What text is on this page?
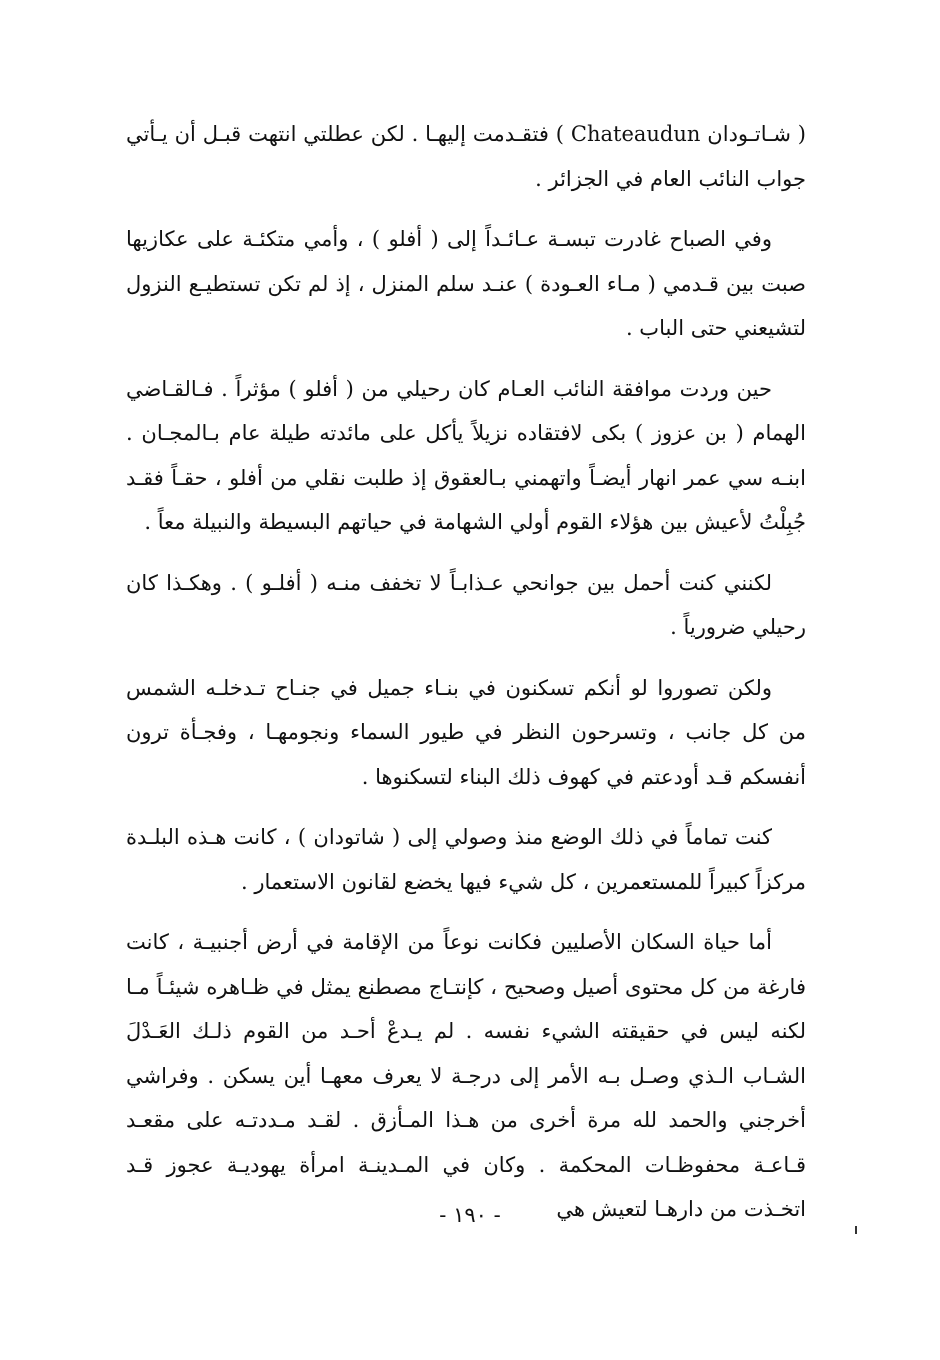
( شـاتـودان Chateaudun ) فتقـدمت إليهـا . لكن عطلتي انتهت قبـل أن يـأتي جواب النائب العام في الجزائر .

وفي الصباح غادرت تبسـة عـائـداً إلى ( أفلو ) ، وأمي متكئـة على عكازيها صبت بين قـدمي ( مـاء العـودة ) عنـد سلم المنزل ، إذ لم تكن تستطيـع النزول لتشيعني حتى الباب .

حين وردت موافقة النائب العـام كان رحيلي من ( أفلو ) مؤثراً . فـالقـاضي الهمام ( بن عزوز ) بكى لافتقاده نزيلاً يأكل على مائدته طيلة عام بـالمجـان . ابنـه سي عمر انهار أيضـاً واتهمني بـالعقوق إذ طلبت نقلي من أفلو ، حقـاً فقـد جُبِلْتُ لأعيش بين هؤلاء القوم أولي الشهامة في حياتهم البسيطة والنبيلة معاً .

لكنني كنت أحمل بين جوانحي عـذابـاً لا تخفف منـه ( أفلـو ) . وهكـذا كان رحيلي ضرورياً .

ولكن تصوروا لو أنكم تسكنون في بنـاء جميل في جنـاح تـدخلـه الشمس من كل جانب ، وتسرحون النظر في طيور السماء ونجومهـا ، وفجـأة ترون أنفسكم قـد أودعتم في كهوف ذلك البناء لتسكنوها .

كنت تماماً في ذلك الوضع منذ وصولي إلى ( شاتودان ) ، كانت هـذه البلـدة مركزاً كبيراً للمستعمرين ، كل شيء فيها يخضع لقانون الاستعمار .

أما حياة السكان الأصليين فكانت نوعاً من الإقامة في أرض أجنبيـة ، كانت فارغة من كل محتوى أصيل وصحيح ، كإنتـاج مصطنع يمثل في ظـاهره شيئـاً مـا لكنه ليس في حقيقته الشيء نفسه . لم يـدعْ أحـد من القوم ذلـك العَـدْلَ الشـاب الـذي وصـل بـه الأمر إلى درجـة لا يعرف معهـا أين يسكن . وفراشي أخرجني والحمد لله مرة أخرى من هـذا المـأزق . لقـد مـددتـه على مقعـد قـاعـة محفوظـات المحكمة . وكان في المـدينـة امرأة يهوديـة عجوز قـد اتخـذت من دارهـا لتعيش هي

- ١٩٠ -
